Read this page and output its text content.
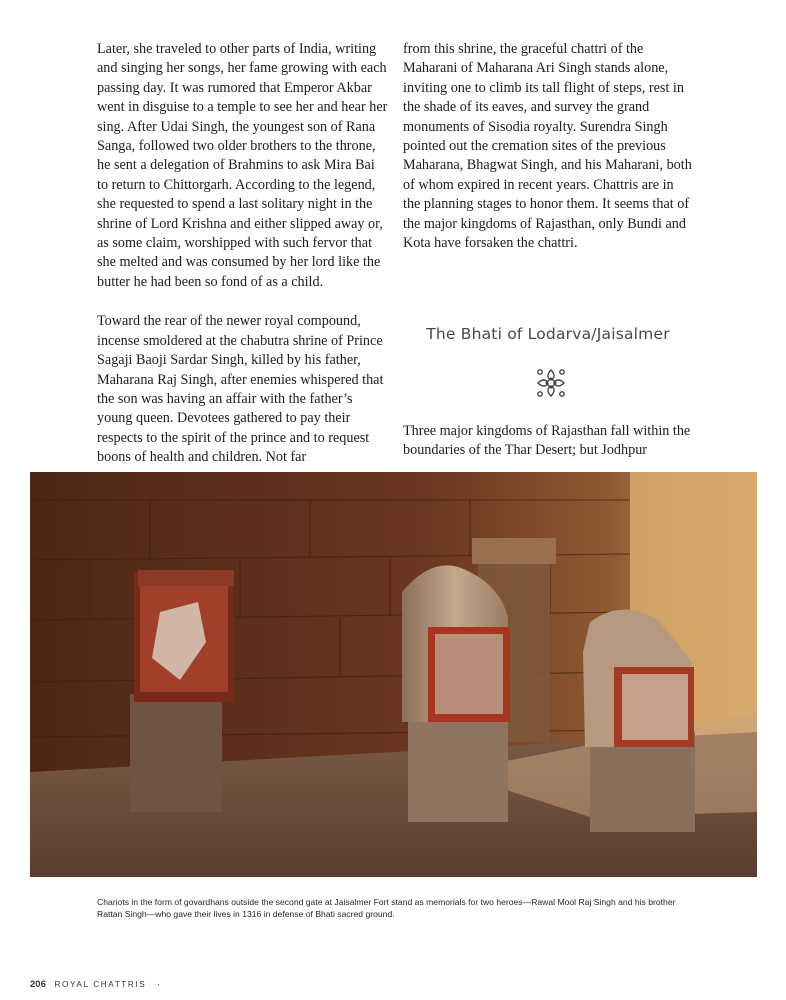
Later, she traveled to other parts of India, writing and singing her songs, her fame growing with each passing day. It was rumored that Emperor Akbar went in disguise to a temple to see her and hear her sing. After Udai Singh, the youngest son of Rana Sanga, followed two older brothers to the throne, he sent a delegation of Brahmins to ask Mira Bai to return to Chittorgarh. According to the legend, she requested to spend a last solitary night in the shrine of Lord Krishna and either slipped away or, as some claim, worshipped with such fervor that she melted and was consumed by her lord like the butter he had been so fond of as a child.

Toward the rear of the newer royal compound, incense smoldered at the chabutra shrine of Prince Sagaji Baoji Sardar Singh, killed by his father, Maharana Raj Singh, after enemies whispered that the son was having an affair with the father’s young queen. Devotees gathered to pay their respects to the spirit of the prince and to request boons of health and children. Not far

from this shrine, the graceful chattri of the Maharani of Maharana Ari Singh stands alone, inviting one to climb its tall flight of steps, rest in the shade of its eaves, and survey the grand monuments of Sisodia royalty. Surendra Singh pointed out the cremation sites of the previous Maharana, Bhagwat Singh, and his Maharani, both of whom expired in recent years. Chattris are in the planning stages to honor them. It seems that of the major kingdoms of Rajasthan, only Bundi and Kota have forsaken the chattri.

Three major kingdoms of Rajasthan fall within the boundaries of the Thar Desert; but Jodhpur

The Bhati of Lodarva/Jaisalmer
Chariots in the form of govardhans outside the second gate at Jaisalmer Fort stand as memorials for two heroes—Rawal Mool Raj Singh and his brother Rattan Singh—who gave their lives in 1316 in defense of Bhati sacred ground.
206 ROYAL CHATTRIS ·
